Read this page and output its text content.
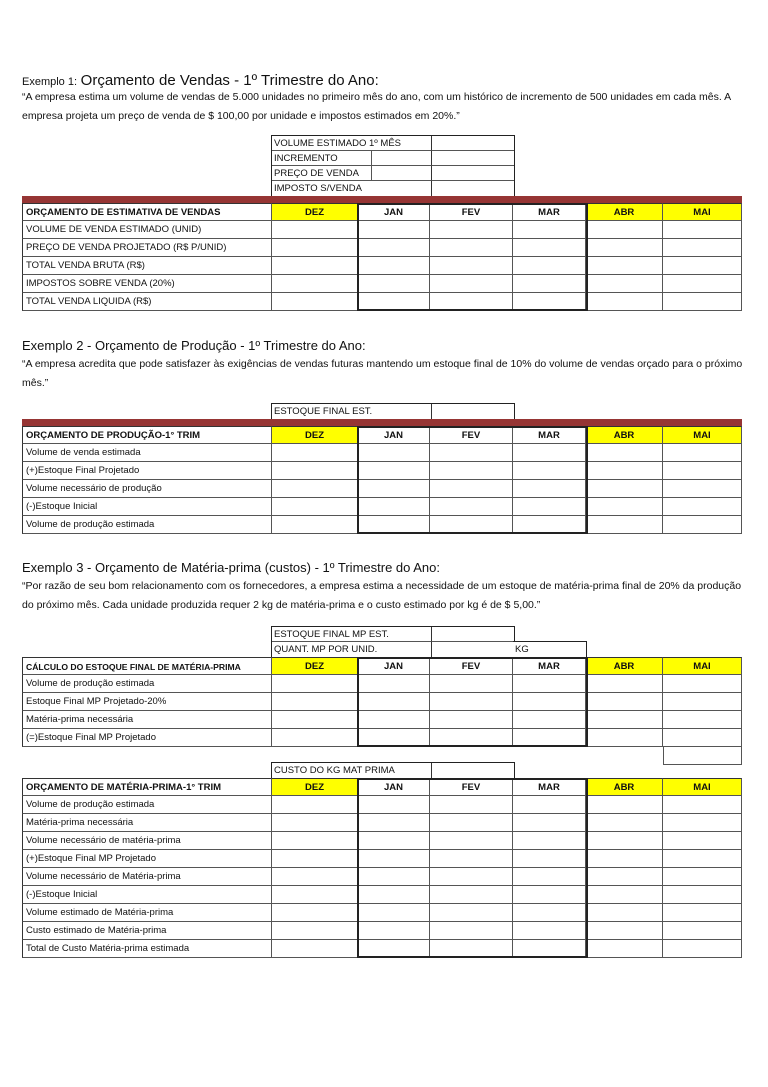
Exemplo 1: Orçamento de Vendas - 1º Trimestre do Ano:
“A empresa estima um volume de vendas de 5.000 unidades no primeiro mês do ano, com um histórico de incremento de 500 unidades em cada mês. A empresa projeta um preço de venda de $ 100,00 por unidade e impostos estimados em 20%.”
VOLUME ESTIMADO 1º MÊS
INCREMENTO
PREÇO DE VENDA
IMPOSTO S/VENDA
ORÇAMENTO DE ESTIMATIVA DE VENDAS	DEZ	JAN	FEV	MAR	ABR	MAI
VOLUME DE VENDA ESTIMADO (UNID)
PREÇO DE VENDA PROJETADO (R$ P/UNID)
TOTAL VENDA BRUTA (R$)
IMPOSTOS SOBRE VENDA (20%)
TOTAL VENDA LIQUIDA (R$)
Exemplo 2 - Orçamento de Produção - 1º Trimestre do Ano:
“A empresa acredita que pode satisfazer às exigências de vendas futuras mantendo um estoque final de 10% do volume de vendas orçado para o próximo mês.”
ESTOQUE FINAL EST.
ORÇAMENTO DE PRODUÇÃO-1° TRIM	DEZ	JAN	FEV	MAR	ABR	MAI
Volume de venda estimada
(+)Estoque Final Projetado
Volume necessário de produção
(-)Estoque Inicial
Volume de produção estimada
Exemplo 3 - Orçamento de Matéria-prima (custos) - 1º Trimestre do Ano:
“Por razão de seu bom relacionamento com os fornecedores, a empresa estima a necessidade de um estoque de matéria-prima final de 20% da produção do próximo mês. Cada unidade produzida requer 2 kg de matéria-prima e o custo estimado por kg é de $ 5,00.”
ESTOQUE FINAL MP EST.
QUANT. MP POR UNID.	KG
CÁLCULO DO ESTOQUE FINAL DE MATÉRIA-PRIMA	DEZ	JAN	FEV	MAR	ABR	MAI
Volume de produção estimada
Estoque Final MP Projetado-20%
Matéria-prima necessária
(=)Estoque Final MP Projetado
CUSTO DO KG MAT PRIMA
ORÇAMENTO DE MATÉRIA-PRIMA-1° TRIM	DEZ	JAN	FEV	MAR	ABR	MAI
Volume de produção estimada
Matéria-prima necessária
Volume necessário de matéria-prima
(+)Estoque Final MP Projetado
Volume necessário de Matéria-prima
(-)Estoque Inicial
Volume estimado de Matéria-prima
Custo estimado de Matéria-prima
Total de Custo Matéria-prima estimada
